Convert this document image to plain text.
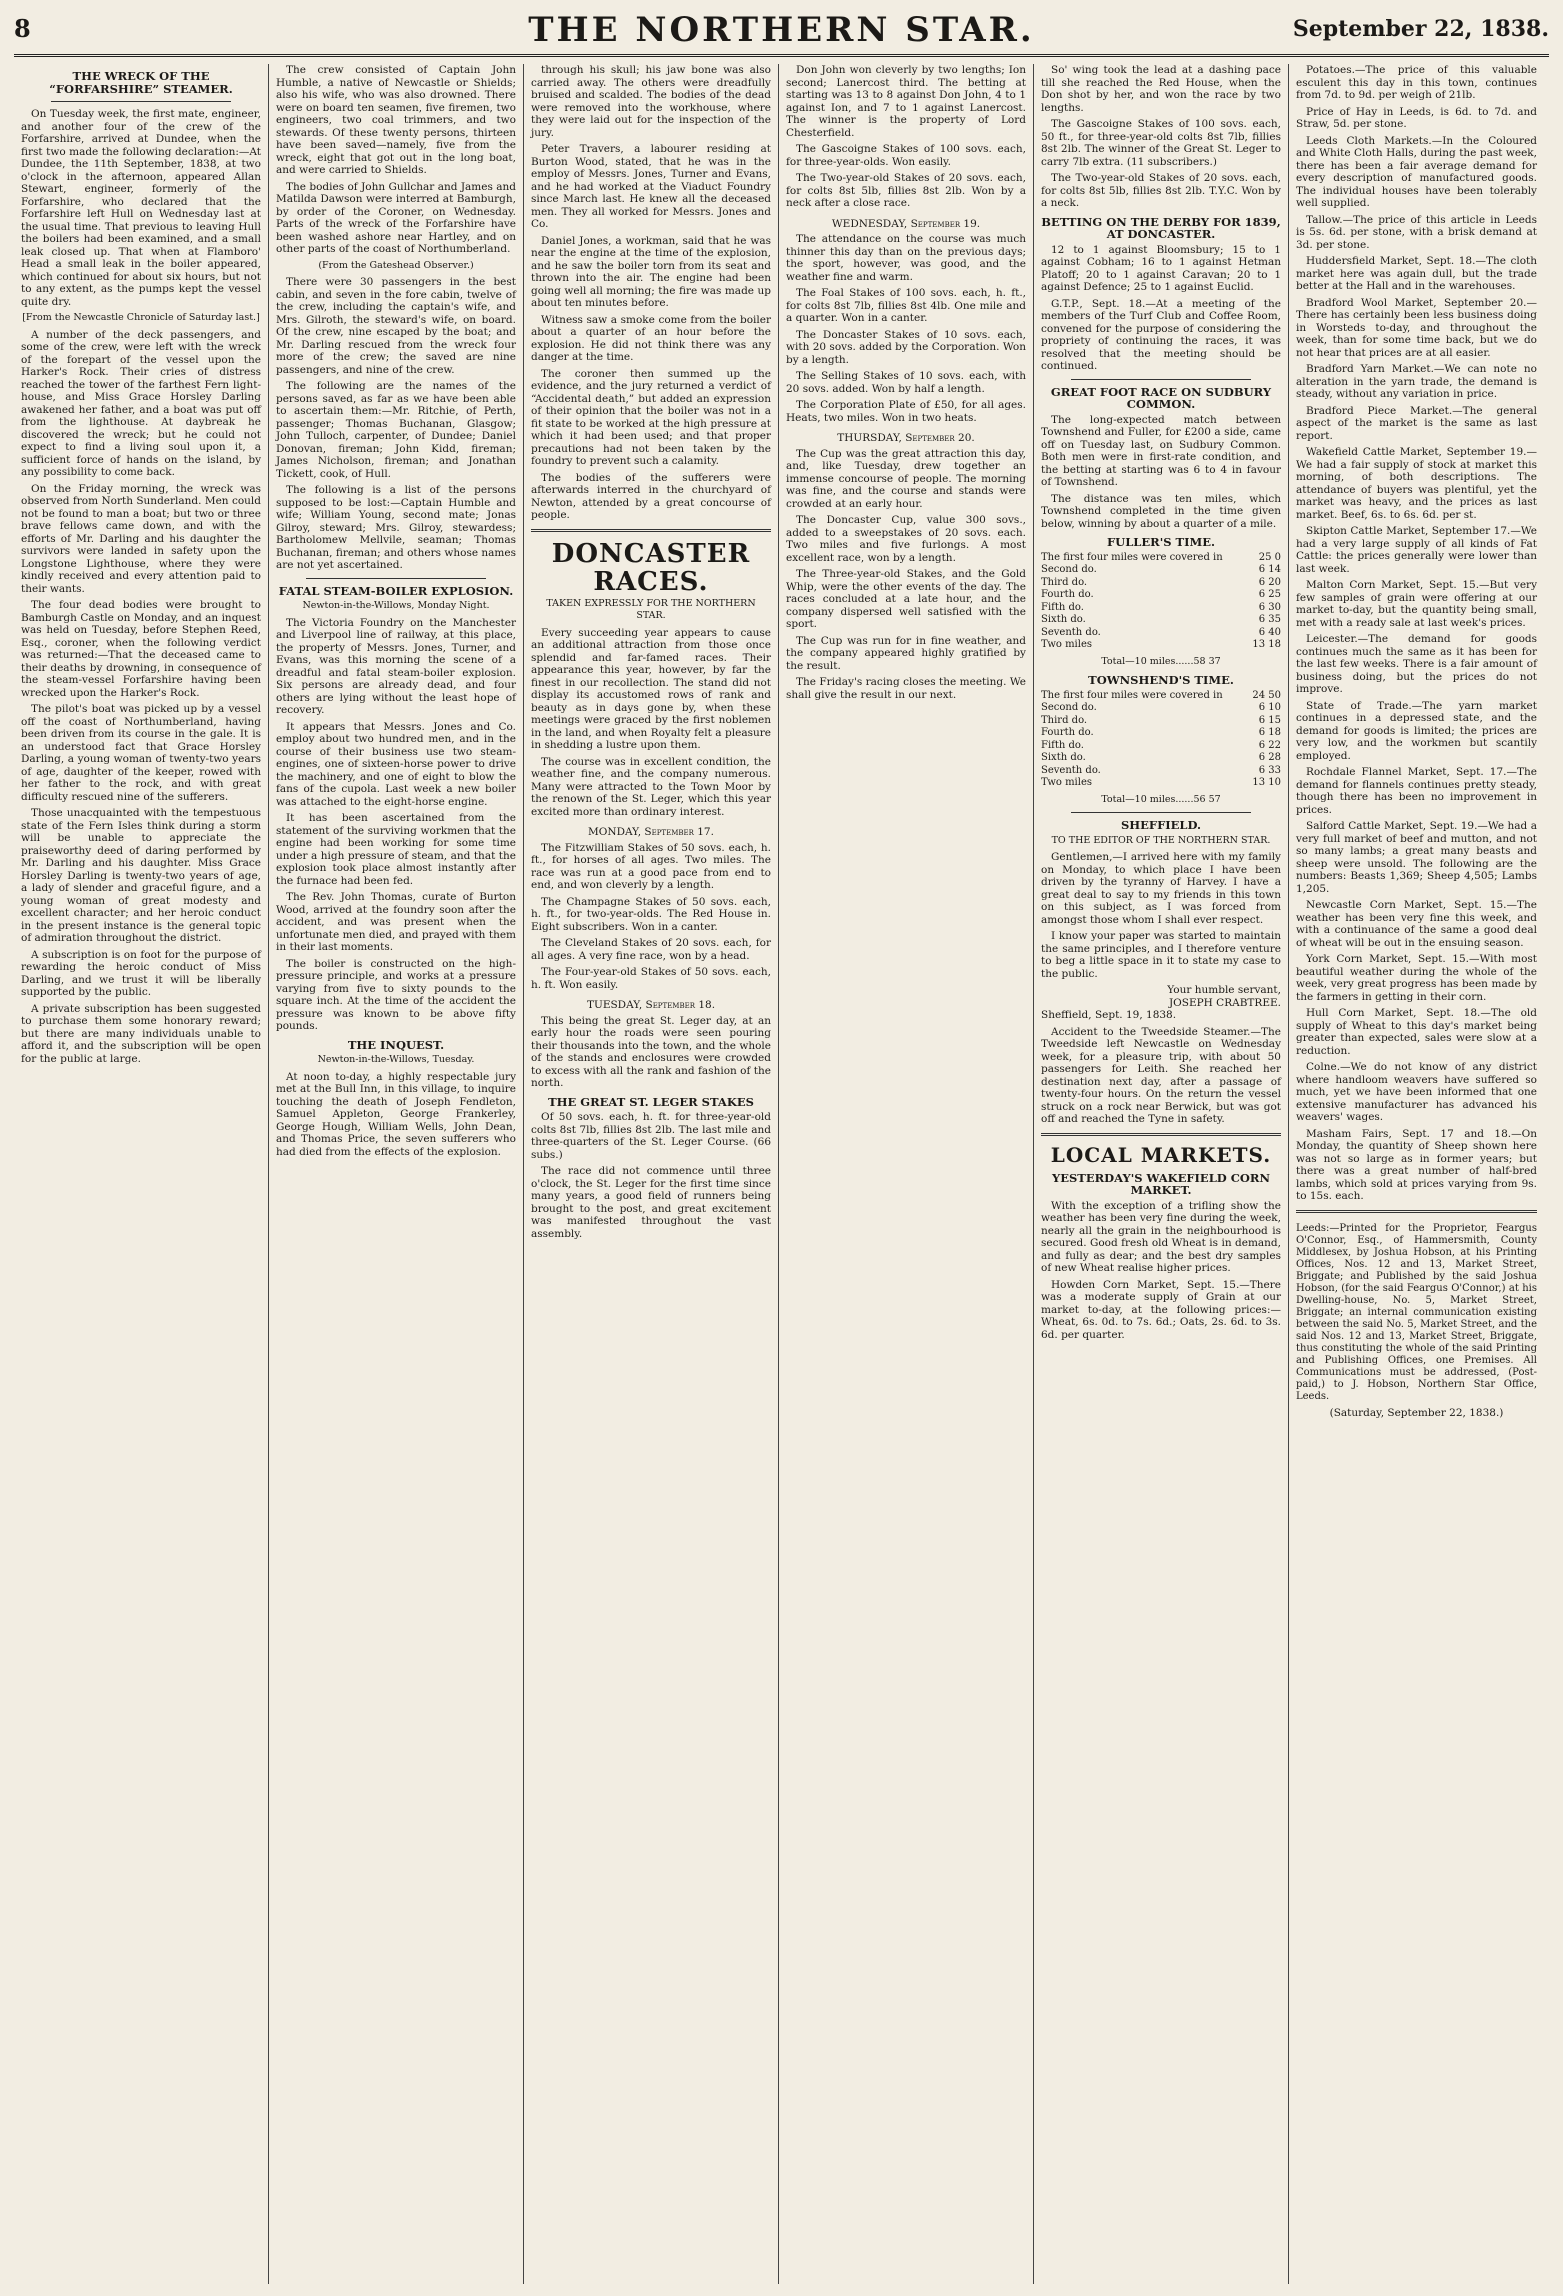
8	THE NORTHERN STAR.	September 22, 1838.
THE WRECK OF THE “FORFARSHIRE” STEAMER.

On Tuesday week, the first mate, engineer, and another four of the crew of the Forfarshire, arrived at Dundee, when the first two made the following declaration:—At Dundee, the 11th September, 1838, at two o'clock in the afternoon, appeared Allan Stewart, engineer, formerly of the Forfarshire, who declared that the Forfarshire left Hull on Wednesday last at the usual time. That previous to leaving Hull the boilers had been examined, and a small leak closed up. That when at Flamboro' Head a small leak in the boiler appeared, which continued for about six hours, but not to any extent, as the pumps kept the vessel quite dry.

[From the Newcastle Chronicle of Saturday last.]

A number of the deck passengers, and some of the crew, were left with the wreck of the forepart of the vessel upon the Harker's Rock. Their cries of distress reached the tower of the farthest Fern light-house, and Miss Grace Horsley Darling awakened her father, and a boat was put off from the lighthouse. At daybreak he discovered the wreck; but he could not expect to find a living soul upon it, a sufficient force of hands on the island, by any possibility to come back.

On the Friday morning, the wreck was observed from North Sunderland. Men could not be found to man a boat; but two or three brave fellows came down, and with the efforts of Mr. Darling and his daughter the survivors were landed in safety upon the Longstone Lighthouse, where they were kindly received and every attention paid to their wants.

The four dead bodies were brought to Bamburgh Castle on Monday, and an inquest was held on Tuesday, before Stephen Reed, Esq., coroner, when the following verdict was returned:—That the deceased came to their deaths by drowning, in consequence of the steam-vessel Forfarshire having been wrecked upon the Harker's Rock.

The pilot's boat was picked up by a vessel off the coast of Northumberland, having been driven from its course in the gale. It is an understood fact that Grace Horsley Darling, a young woman of twenty-two years of age, daughter of the keeper, rowed with her father to the rock, and with great difficulty rescued nine of the sufferers.

Those unacquainted with the tempestuous state of the Fern Isles think during a storm will be unable to appreciate the praiseworthy deed of daring performed by Mr. Darling and his daughter. Miss Grace Horsley Darling is twenty-two years of age, a lady of slender and graceful figure, and a young woman of great modesty and excellent character; and her heroic conduct in the present instance is the general topic of admiration throughout the district.

A subscription is on foot for the purpose of rewarding the heroic conduct of Miss Darling, and we trust it will be liberally supported by the public.

A private subscription has been suggested to purchase them some honorary reward; but there are many individuals unable to afford it, and the subscription will be open for the public at large.

The crew consisted of Captain John Humble, a native of Newcastle or Shields; also his wife, who was also drowned. There were on board ten seamen, five firemen, two engineers, two coal trimmers, and two stewards. Of these twenty persons, thirteen have been saved—namely, five from the wreck, eight that got out in the long boat, and were carried to Shields.

The bodies of John Gullchar and James and Matilda Dawson were interred at Bamburgh, by order of the Coroner, on Wednesday. Parts of the wreck of the Forfarshire have been washed ashore near Hartley, and on other parts of the coast of Northumberland.

(From the Gateshead Observer.)

There were 30 passengers in the best cabin, and seven in the fore cabin, twelve of the crew, including the captain's wife, and Mrs. Gilroth, the steward's wife, on board. Of the crew, nine escaped by the boat; and Mr. Darling rescued from the wreck four more of the crew; the saved are nine passengers, and nine of the crew.

The following are the names of the persons saved, as far as we have been able to ascertain them:—Mr. Ritchie, of Perth, passenger; Thomas Buchanan, Glasgow; John Tulloch, carpenter, of Dundee; Daniel Donovan, fireman; John Kidd, fireman; James Nicholson, fireman; and Jonathan Tickett, cook, of Hull.

The following is a list of the persons supposed to be lost:—Captain Humble and wife; William Young, second mate; Jonas Gilroy, steward; Mrs. Gilroy, stewardess; Bartholomew Mellvile, seaman; Thomas Buchanan, fireman; and others whose names are not yet ascertained.

FATAL STEAM-BOILER EXPLOSION.
Newton-in-the-Willows, Monday Night.

The Victoria Foundry on the Manchester and Liverpool line of railway, at this place, the property of Messrs. Jones, Turner, and Evans, was this morning the scene of a dreadful and fatal steam-boiler explosion. Six persons are already dead, and four others are lying without the least hope of recovery.

It appears that Messrs. Jones and Co. employ about two hundred men, and in the course of their business use two steam-engines, one of sixteen-horse power to drive the machinery, and one of eight to blow the fans of the cupola. Last week a new boiler was attached to the eight-horse engine.

It has been ascertained from the statement of the surviving workmen that the engine had been working for some time under a high pressure of steam, and that the explosion took place almost instantly after the furnace had been fed.

The Rev. John Thomas, curate of Burton Wood, arrived at the foundry soon after the accident, and was present when the unfortunate men died, and prayed with them in their last moments.

The boiler is constructed on the high-pressure principle, and works at a pressure varying from five to sixty pounds to the square inch. At the time of the accident the pressure was known to be above fifty pounds.

THE INQUEST.
Newton-in-the-Willows, Tuesday.

At noon to-day, a highly respectable jury met at the Bull Inn, in this village, to inquire touching the death of Joseph Fendleton, Samuel Appleton, George Frankerley, George Hough, William Wells, John Dean, and Thomas Price, the seven sufferers who had died from the effects of the explosion.

through his skull; his jaw bone was also carried away. The others were dreadfully bruised and scalded. The bodies of the dead were removed into the workhouse, where they were laid out for the inspection of the jury.

Peter Travers, a labourer residing at Burton Wood, stated, that he was in the employ of Messrs. Jones, Turner and Evans, and he had worked at the Viaduct Foundry since March last. He knew all the deceased men. They all worked for Messrs. Jones and Co.

Daniel Jones, a workman, said that he was near the engine at the time of the explosion, and he saw the boiler torn from its seat and thrown into the air. The engine had been going well all morning; the fire was made up about ten minutes before.

Witness saw a smoke come from the boiler about a quarter of an hour before the explosion. He did not think there was any danger at the time.

The coroner then summed up the evidence, and the jury returned a verdict of “Accidental death,” but added an expression of their opinion that the boiler was not in a fit state to be worked at the high pressure at which it had been used; and that proper precautions had not been taken by the foundry to prevent such a calamity.

The bodies of the sufferers were afterwards interred in the churchyard of Newton, attended by a great concourse of people.

DONCASTER RACES.
TAKEN EXPRESSLY FOR THE NORTHERN STAR.

Every succeeding year appears to cause an additional attraction from those once splendid and far-famed races. Their appearance this year, however, by far the finest in our recollection. The stand did not display its accustomed rows of rank and beauty as in days gone by, when these meetings were graced by the first noblemen in the land, and when Royalty felt a pleasure in shedding a lustre upon them.

The course was in excellent condition, the weather fine, and the company numerous. Many were attracted to the Town Moor by the renown of the St. Leger, which this year excited more than ordinary interest.

MONDAY, September 17.

The Fitzwilliam Stakes of 50 sovs. each, h. ft., for horses of all ages. Two miles. The race was run at a good pace from end to end, and won cleverly by a length.

The Champagne Stakes of 50 sovs. each, h. ft., for two-year-olds. The Red House in. Eight subscribers. Won in a canter.

The Cleveland Stakes of 20 sovs. each, for all ages. A very fine race, won by a head.

The Four-year-old Stakes of 50 sovs. each, h. ft. Won easily.

TUESDAY, September 18.

This being the great St. Leger day, at an early hour the roads were seen pouring their thousands into the town, and the whole of the stands and enclosures were crowded to excess with all the rank and fashion of the north.

THE GREAT ST. LEGER STAKES

Of 50 sovs. each, h. ft. for three-year-old colts 8st 7lb, fillies 8st 2lb. The last mile and three-quarters of the St. Leger Course. (66 subs.)

The race did not commence until three o'clock, the St. Leger for the first time since many years, a good field of runners being brought to the post, and great excitement was manifested throughout the vast assembly.

Don John won cleverly by two lengths; Ion second; Lanercost third. The betting at starting was 13 to 8 against Don John, 4 to 1 against Ion, and 7 to 1 against Lanercost. The winner is the property of Lord Chesterfield.

The Gascoigne Stakes of 100 sovs. each, for three-year-olds. Won easily.

The Two-year-old Stakes of 20 sovs. each, for colts 8st 5lb, fillies 8st 2lb. Won by a neck after a close race.

WEDNESDAY, September 19.

The attendance on the course was much thinner this day than on the previous days; the sport, however, was good, and the weather fine and warm.

The Foal Stakes of 100 sovs. each, h. ft., for colts 8st 7lb, fillies 8st 4lb. One mile and a quarter. Won in a canter.

The Doncaster Stakes of 10 sovs. each, with 20 sovs. added by the Corporation. Won by a length.

The Selling Stakes of 10 sovs. each, with 20 sovs. added. Won by half a length.

The Corporation Plate of £50, for all ages. Heats, two miles. Won in two heats.

THURSDAY, September 20.

The Cup was the great attraction this day, and, like Tuesday, drew together an immense concourse of people. The morning was fine, and the course and stands were crowded at an early hour.

The Doncaster Cup, value 300 sovs., added to a sweepstakes of 20 sovs. each. Two miles and five furlongs. A most excellent race, won by a length.

The Three-year-old Stakes, and the Gold Whip, were the other events of the day. The races concluded at a late hour, and the company dispersed well satisfied with the sport.

The Cup was run for in fine weather, and the company appeared highly gratified by the result.

The Friday's racing closes the meeting. We shall give the result in our next.

So' wing took the lead at a dashing pace till she reached the Red House, when the Don shot by her, and won the race by two lengths.

The Gascoigne Stakes of 100 sovs. each, 50 ft., for three-year-old colts 8st 7lb, fillies 8st 2lb. The winner of the Great St. Leger to carry 7lb extra. (11 subscribers.)

The Two-year-old Stakes of 20 sovs. each, for colts 8st 5lb, fillies 8st 2lb. T.Y.C. Won by a neck.

BETTING ON THE DERBY FOR 1839, AT DONCASTER.

12 to 1 against Bloomsbury; 15 to 1 against Cobham; 16 to 1 against Hetman Platoff; 20 to 1 against Caravan; 20 to 1 against Defence; 25 to 1 against Euclid.

G.T.P., Sept. 18.—At a meeting of the members of the Turf Club and Coffee Room, convened for the purpose of considering the propriety of continuing the races, it was resolved that the meeting should be continued.

GREAT FOOT RACE ON SUDBURY COMMON.

The long-expected match between Townshend and Fuller, for £200 a side, came off on Tuesday last, on Sudbury Common. Both men were in first-rate condition, and the betting at starting was 6 to 4 in favour of Townshend.

The distance was ten miles, which Townshend completed in the time given below, winning by about a quarter of a mile.

FULLER'S TIME.
The first four miles were covered in	25 0
Second do.	6 14
Third do.	6 20
Fourth do.	6 25
Fifth do.	6 30
Sixth do.	6 35
Seventh do.	6 40
Two miles	13 18
Total—10 miles......58 37
TOWNSHEND'S TIME.
The first four miles were covered in	24 50
Second do.	6 10
Third do.	6 15
Fourth do.	6 18
Fifth do.	6 22
Sixth do.	6 28
Seventh do.	6 33
Two miles	13 10
Total—10 miles......56 57
SHEFFIELD.
TO THE EDITOR OF THE NORTHERN STAR.

Gentlemen,—I arrived here with my family on Monday, to which place I have been driven by the tyranny of Harvey. I have a great deal to say to my friends in this town on this subject, as I was forced from amongst those whom I shall ever respect.

I know your paper was started to maintain the same principles, and I therefore venture to beg a little space in it to state my case to the public.

Your humble servant,
JOSEPH CRABTREE.
Sheffield, Sept. 19, 1838.

Accident to the Tweedside Steamer.—The Tweedside left Newcastle on Wednesday week, for a pleasure trip, with about 50 passengers for Leith. She reached her destination next day, after a passage of twenty-four hours. On the return the vessel struck on a rock near Berwick, but was got off and reached the Tyne in safety.

LOCAL MARKETS.
YESTERDAY'S WAKEFIELD CORN MARKET.

With the exception of a trifling show the weather has been very fine during the week, nearly all the grain in the neighbourhood is secured. Good fresh old Wheat is in demand, and fully as dear; and the best dry samples of new Wheat realise higher prices.

Howden Corn Market, Sept. 15.—There was a moderate supply of Grain at our market to-day, at the following prices:—Wheat, 6s. 0d. to 7s. 6d.; Oats, 2s. 6d. to 3s. 6d. per quarter.

Potatoes.—The price of this valuable esculent this day in this town, continues from 7d. to 9d. per weigh of 21lb.

Price of Hay in Leeds, is 6d. to 7d. and Straw, 5d. per stone.

Leeds Cloth Markets.—In the Coloured and White Cloth Halls, during the past week, there has been a fair average demand for every description of manufactured goods. The individual houses have been tolerably well supplied.

Tallow.—The price of this article in Leeds is 5s. 6d. per stone, with a brisk demand at 3d. per stone.

Huddersfield Market, Sept. 18.—The cloth market here was again dull, but the trade better at the Hall and in the warehouses.

Bradford Wool Market, September 20.—There has certainly been less business doing in Worsteds to-day, and throughout the week, than for some time back, but we do not hear that prices are at all easier.

Bradford Yarn Market.—We can note no alteration in the yarn trade, the demand is steady, without any variation in price.

Bradford Piece Market.—The general aspect of the market is the same as last report.

Wakefield Cattle Market, September 19.—We had a fair supply of stock at market this morning, of both descriptions. The attendance of buyers was plentiful, yet the market was heavy, and the prices as last market. Beef, 6s. to 6s. 6d. per st.

Skipton Cattle Market, September 17.—We had a very large supply of all kinds of Fat Cattle: the prices generally were lower than last week.

Malton Corn Market, Sept. 15.—But very few samples of grain were offering at our market to-day, but the quantity being small, met with a ready sale at last week's prices.

Leicester.—The demand for goods continues much the same as it has been for the last few weeks. There is a fair amount of business doing, but the prices do not improve.

State of Trade.—The yarn market continues in a depressed state, and the demand for goods is limited; the prices are very low, and the workmen but scantily employed.

Rochdale Flannel Market, Sept. 17.—The demand for flannels continues pretty steady, though there has been no improvement in prices.

Salford Cattle Market, Sept. 19.—We had a very full market of beef and mutton, and not so many lambs; a great many beasts and sheep were unsold. The following are the numbers: Beasts 1,369; Sheep 4,505; Lambs 1,205.

Newcastle Corn Market, Sept. 15.—The weather has been very fine this week, and with a continuance of the same a good deal of wheat will be out in the ensuing season.

York Corn Market, Sept. 15.—With most beautiful weather during the whole of the week, very great progress has been made by the farmers in getting in their corn.

Hull Corn Market, Sept. 18.—The old supply of Wheat to this day's market being greater than expected, sales were slow at a reduction.

Colne.—We do not know of any district where handloom weavers have suffered so much, yet we have been informed that one extensive manufacturer has advanced his weavers' wages.

Masham Fairs, Sept. 17 and 18.—On Monday, the quantity of Sheep shown here was not so large as in former years; but there was a great number of half-bred lambs, which sold at prices varying from 9s. to 15s. each.

Leeds:—Printed for the Proprietor, Feargus O'Connor, Esq., of Hammersmith, County Middlesex, by Joshua Hobson, at his Printing Offices, Nos. 12 and 13, Market Street, Briggate; and Published by the said Joshua Hobson, (for the said Feargus O'Connor,) at his Dwelling-house, No. 5, Market Street, Briggate; an internal communication existing between the said No. 5, Market Street, and the said Nos. 12 and 13, Market Street, Briggate, thus constituting the whole of the said Printing and Publishing Offices, one Premises. All Communications must be addressed, (Post-paid,) to J. Hobson, Northern Star Office, Leeds.
(Saturday, September 22, 1838.)
